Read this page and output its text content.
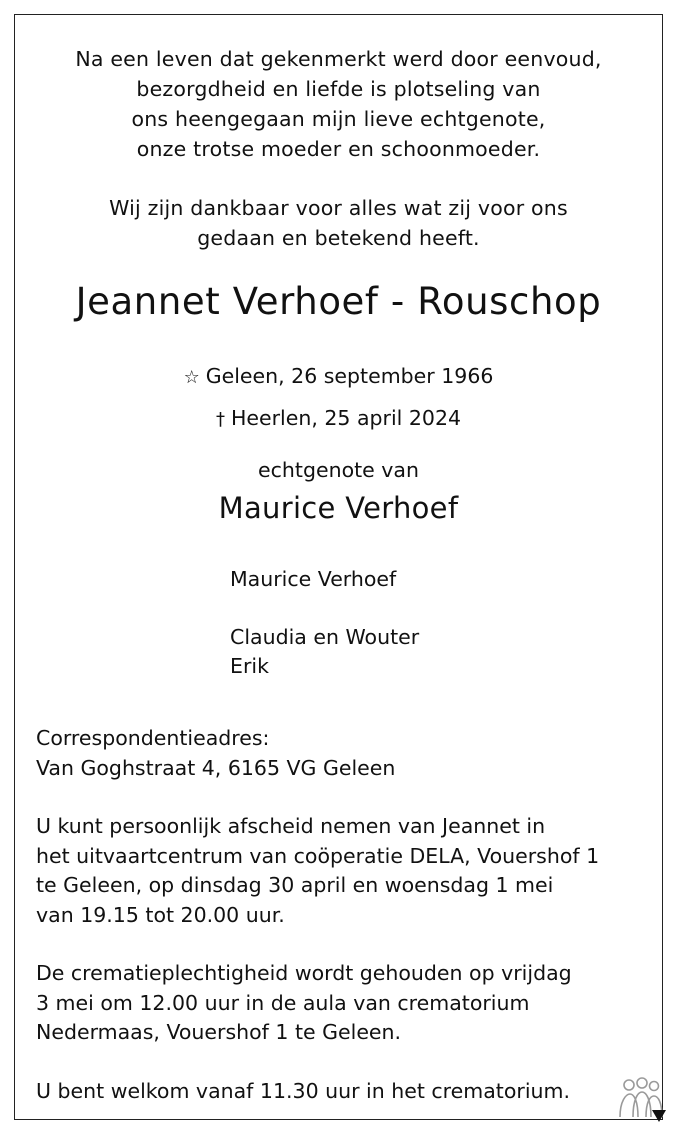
Na een leven dat gekenmerkt werd door eenvoud,

bezorgdheid en liefde is plotseling van

ons heengegaan mijn lieve echtgenote,

onze trotse moeder en schoonmoeder.

Wij zijn dankbaar voor alles wat zij voor ons

gedaan en betekend heeft.

Jeannet Verhoef - Rouschop
☆ Geleen, 26 september 1966
† Heerlen, 25 april 2024
echtgenote van
Maurice Verhoef

Maurice Verhoef

Claudia en Wouter

Erik

Correspondentieadres:

Van Goghstraat 4, 6165 VG Geleen

U kunt persoonlijk afscheid nemen van Jeannet in

het uitvaartcentrum van coöperatie DELA, Vouershof 1

te Geleen, op dinsdag 30 april en woensdag 1 mei

van 19.15 tot 20.00 uur.

De crematieplechtigheid wordt gehouden op vrijdag

3 mei om 12.00 uur in de aula van crematorium

Nedermaas, Vouershof 1 te Geleen.

U bent welkom vanaf 11.30 uur in het crematorium.
